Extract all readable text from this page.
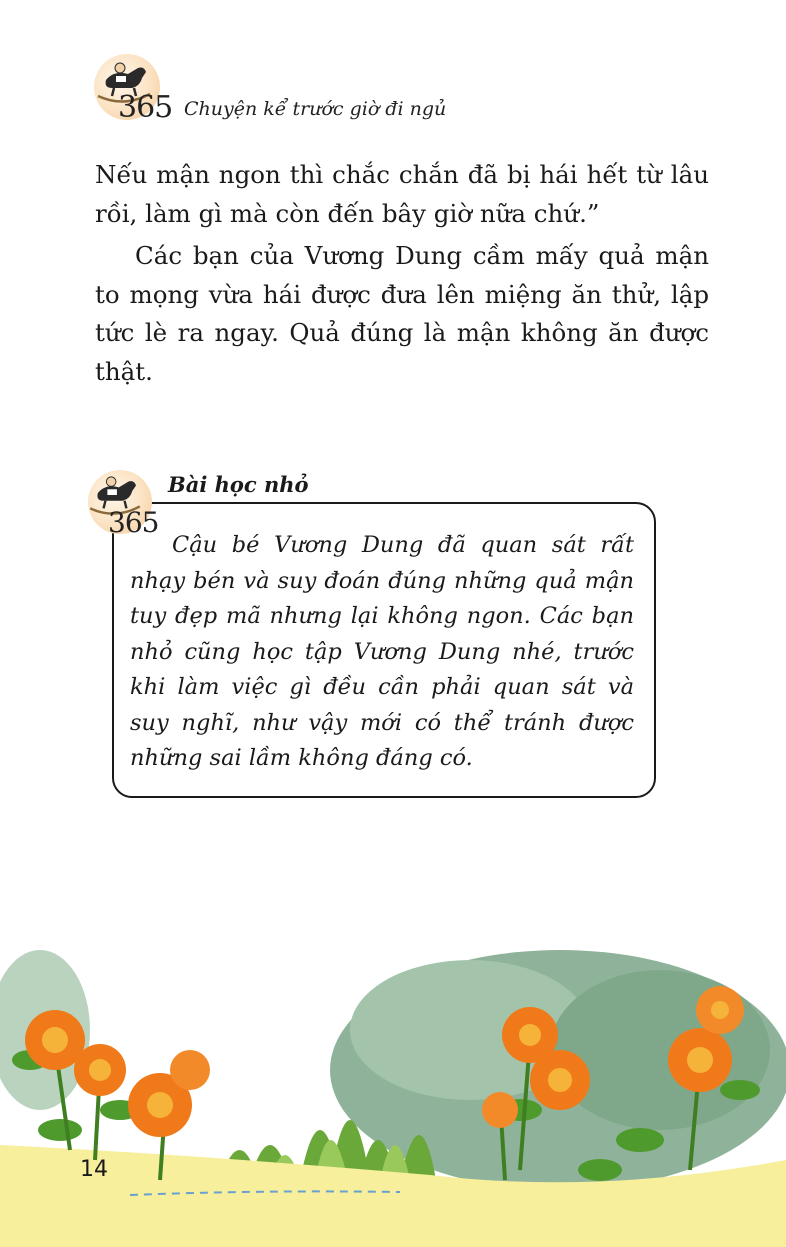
365 Chuyện kể trước giờ đi ngủ

Nếu mận ngon thì chắc chắn đã bị hái hết từ lâu rồi, làm gì mà còn đến bây giờ nữa chứ.”

Các bạn của Vương Dung cầm mấy quả mận to mọng vừa hái được đưa lên miệng ăn thử, lập tức lè ra ngay. Quả đúng là mận không ăn được thật.

365
Bài học nhỏ

Cậu bé Vương Dung đã quan sát rất nhạy bén và suy đoán đúng những quả mận tuy đẹp mã nhưng lại không ngon. Các bạn nhỏ cũng học tập Vương Dung nhé, trước khi làm việc gì đều cần phải quan sát và suy nghĩ, như vậy mới có thể tránh được những sai lầm không đáng có.

14
